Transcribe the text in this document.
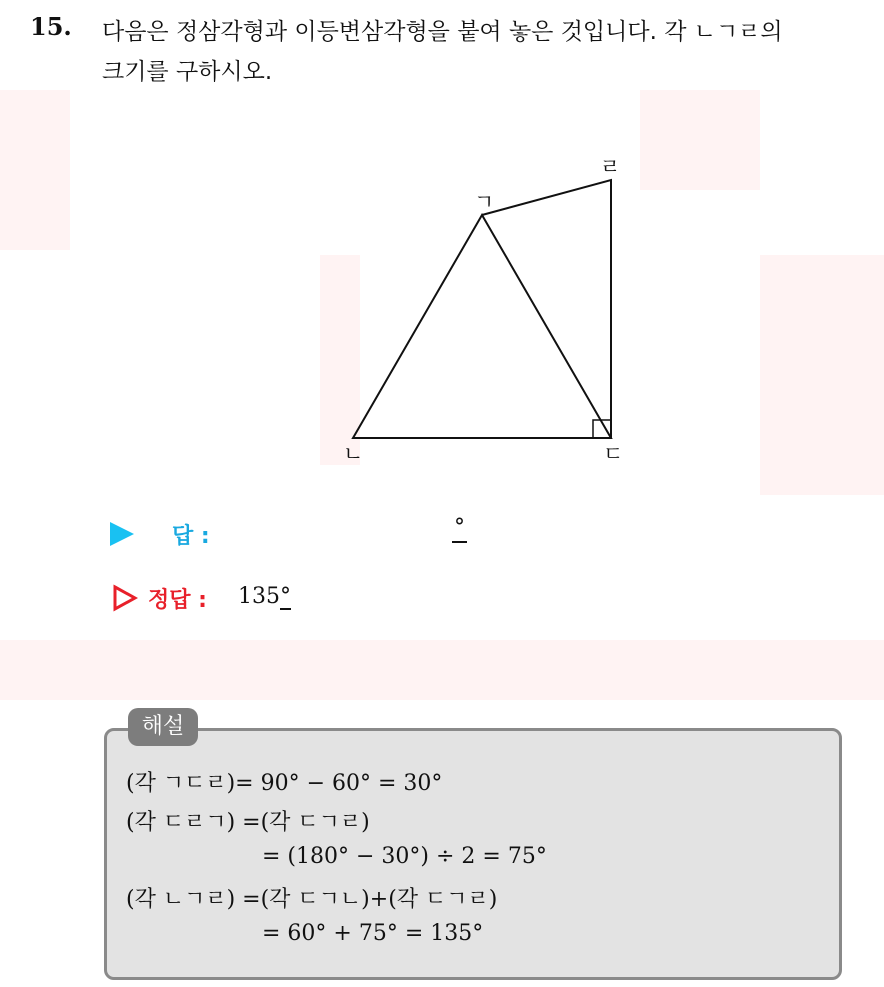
15. 다음은 정삼각형과 이등변삼각형을 붙여 놓은 것입니다. 각 ㄴㄱㄹ의
크기를 구하시오.
ㄱ
ㄴ	ㄷ
ㄹ
답 :	°
정답 : 135°
해설
(각 ㄱㄷㄹ)= 90° − 60° = 30°
(각 ㄷㄹㄱ) =(각 ㄷㄱㄹ)
= (180° − 30°) ÷ 2 = 75°
(각 ㄴㄱㄹ) =(각 ㄷㄱㄴ)+(각 ㄷㄱㄹ)
= 60° + 75° = 135°
